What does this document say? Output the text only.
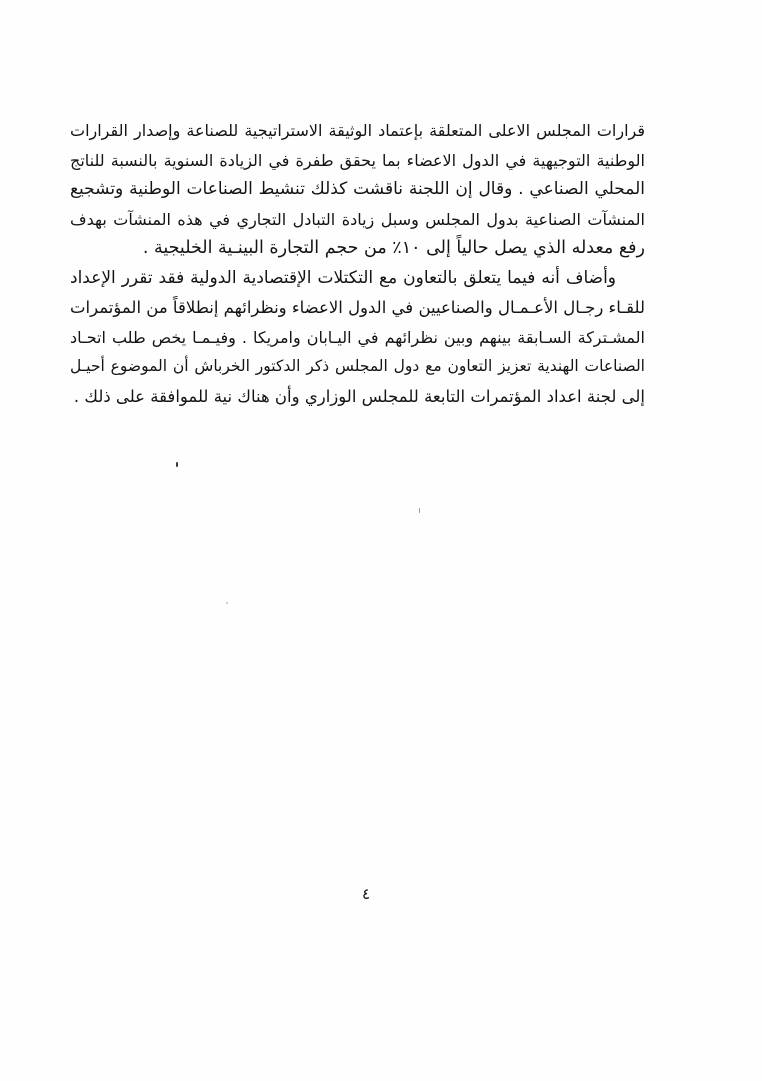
قرارات المجلس الاعلى المتعلقة بإعتماد الوثيقة الاستراتيجية للصناعة وإصدار القرارات
الوطنية التوجيهية في الدول الاعضاء بما يحقق طفرة في الزيادة السنوية بالنسبة للناتج
المحلي الصناعي . وقال إن اللجنة ناقشت كذلك تنشيط الصناعات الوطنية وتشجيع
المنشآت الصناعية بدول المجلس وسبل زيادة التبادل التجاري في هذه المنشآت بهدف
رفع معدله الذي يصل حالياً إلى ١٠٪ من حجم التجارة البينـية الخليجية .
وأضاف أنه فيما يتعلق بالتعاون مع التكتلات الإقتصادية الدولية فقد تقرر الإعداد
للقـاء رجـال الأعـمـال والصناعيين في الدول الاعضاء ونظرائهم إنطلاقاً من المؤتمرات
المشـتركة السـابقة بينهم وبين نظرائهم في اليـابان وامريكا . وفيـمـا يخص طلب اتحـاد
الصناعات الهندية تعزيز التعاون مع دول المجلس ذكر الدكتور الخرباش أن الموضوع أحيـل
إلى لجنة اعداد المؤتمرات التابعة للمجلس الوزاري وأن هناك نية للموافقة على ذلك .
٤
